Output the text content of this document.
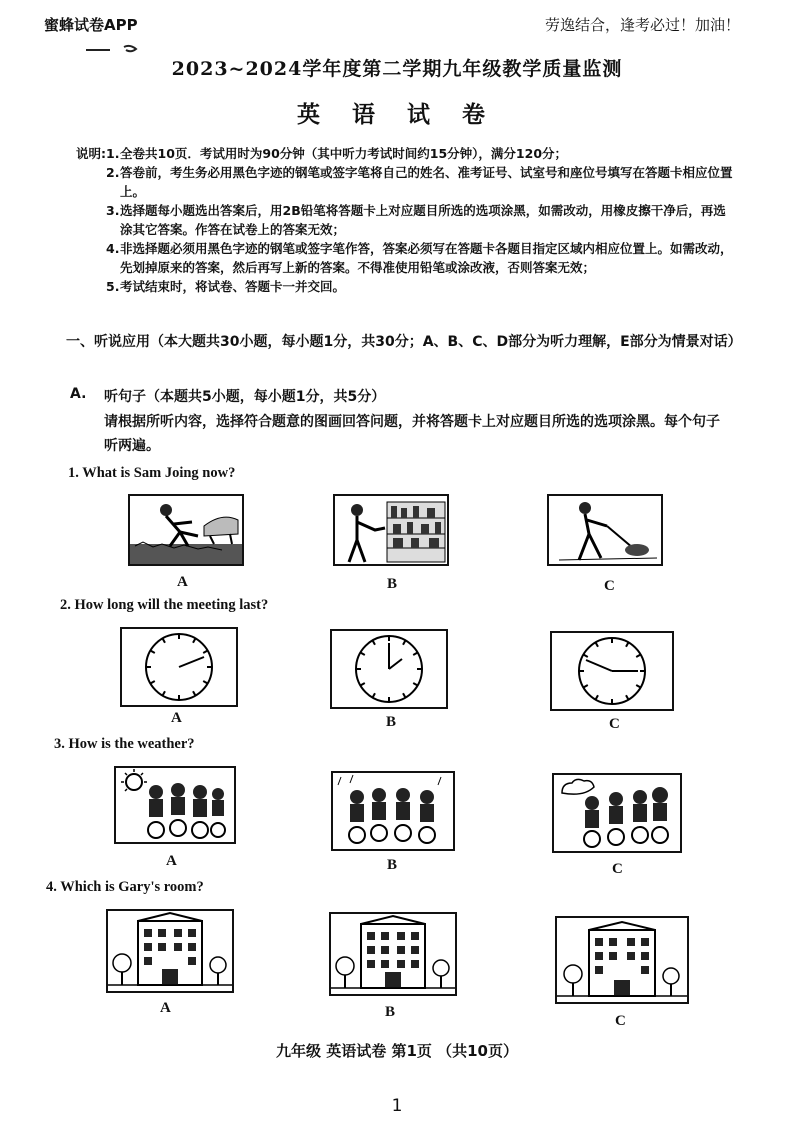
蜜蜂试卷APP	劳逸结合，逢考必过！加油！
2023~2024学年度第二学期九年级教学质量监测
英 语 试 卷
说明: 1. 全卷共10页．考试用时为90分钟（其中听力考试时间约15分钟），满分120分；
2. 答卷前，考生务必用黑色字迹的钢笔或签字笔将自己的姓名、准考证号、试室号和座位号填写在答题卡相应位置上。
3. 选择题每小题选出答案后，用2B铅笔将答题卡上对应题目所选的选项涂黑，如需改动，用橡皮擦干净后，再选涂其它答案。作答在试卷上的答案无效；
4. 非选择题必须用黑色字迹的钢笔或签字笔作答，答案必须写在答题卡各题目指定区域内相应位置上。如需改动，先划掉原来的答案，然后再写上新的答案。不得准使用铅笔或涂改液，否则答案无效；
5. 考试结束时，将试卷、答题卡一并交回。
一、听说应用（本大题共30小题，每小题1分，共30分；A、B、C、D部分为听力理解，E部分为情景对话）
A. 听句子（本题共5小题，每小题1分，共5分）
请根据所听内容，选择符合题意的图画回答问题，并将答题卡上对应题目所选的选项涂黑。每个句子听两遍。
1. What is Sam Joing now?
A	B	C
2. How long will the meeting last?
A	B	C
3. How is the weather?
A	B	C
4. Which is Gary's room?
A	B
C
九年级 英语试卷 第1页 （共10页）
1
